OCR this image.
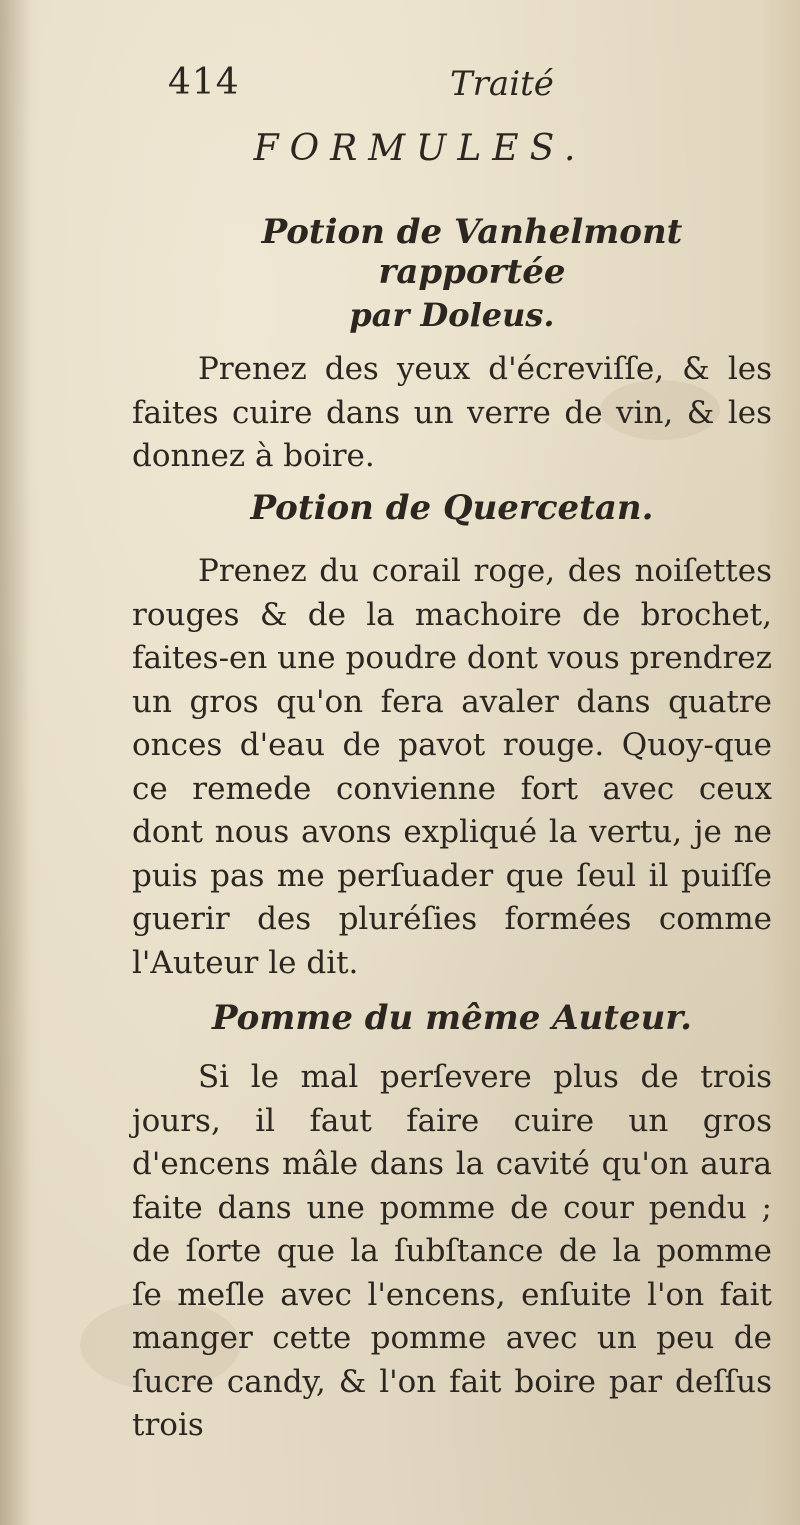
414	Traité
FORMULES.
Potion de Vanhelmont rapportée
par Doleus.

Prenez des yeux d'écreviſſe, & les faites cuire dans un verre de vin, & les donnez à boire.

Potion de Quercetan.

Prenez du corail roge, des noiſettes rouges & de la machoire de brochet, faites-en une poudre dont vous prendrez un gros qu'on fera avaler dans quatre onces d'eau de pavot rouge. Quoy-que ce remede convienne fort avec ceux dont nous avons expliqué la vertu, je ne puis pas me perſuader que ſeul il puiſſe guerir des pluréſies formées comme l'Auteur le dit.

Pomme du même Auteur.

Si le mal perſevere plus de trois jours, il faut faire cuire un gros d'encens mâle dans la cavité qu'on aura faite dans une pomme de cour pendu ; de ſorte que la ſubſtance de la pomme ſe meſle avec l'encens, enſuite l'on fait manger cette pomme avec un peu de ſucre candy, & l'on fait boire par deſſus trois
